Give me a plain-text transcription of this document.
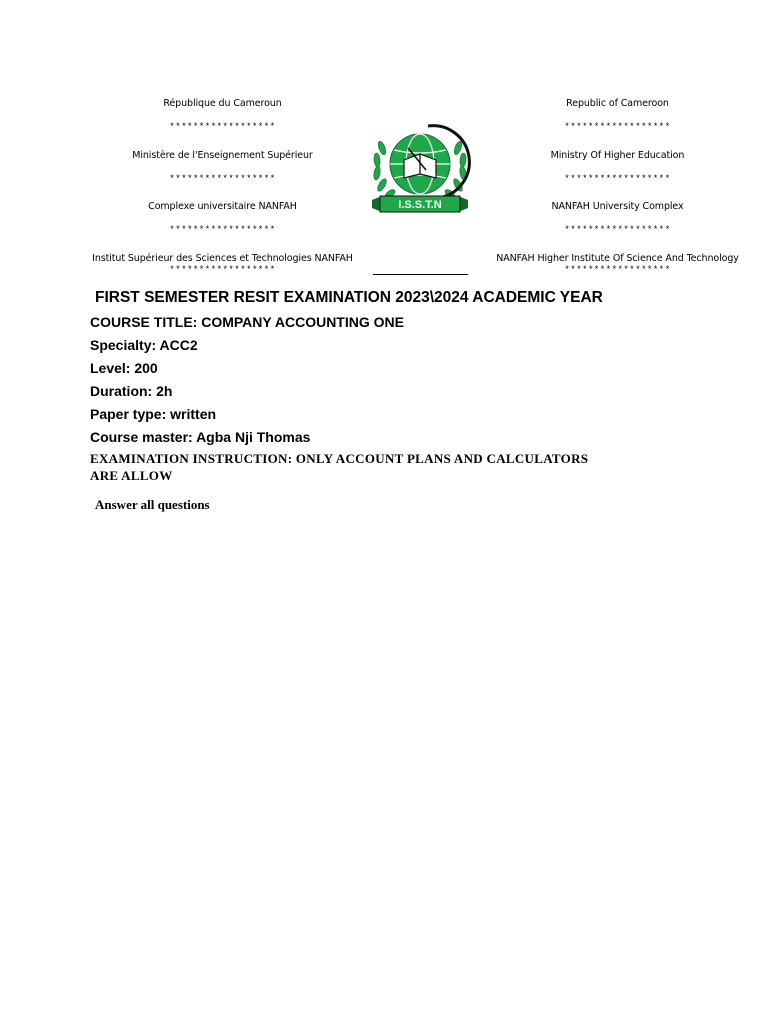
République du Cameroun
******************
Ministère de l'Enseignement Supérieur
******************
Complexe universitaire NANFAH
******************
Institut Supérieur des Sciences et Technologies NANFAH
******************
Republic of Cameroon
******************
Ministry Of Higher Education
******************
NANFAH University Complex
******************
NANFAH Higher Institute Of Science And Technology
******************
I.S.S.T.N
FIRST SEMESTER RESIT EXAMINATION 2023\2024 ACADEMIC YEAR
COURSE TITLE: COMPANY ACCOUNTING ONE
Specialty: ACC2
Level: 200
Duration: 2h
Paper type: written
Course master: Agba Nji Thomas
EXAMINATION INSTRUCTION: ONLY ACCOUNT PLANS AND CALCULATORS
ARE ALLOW
Answer all questions
